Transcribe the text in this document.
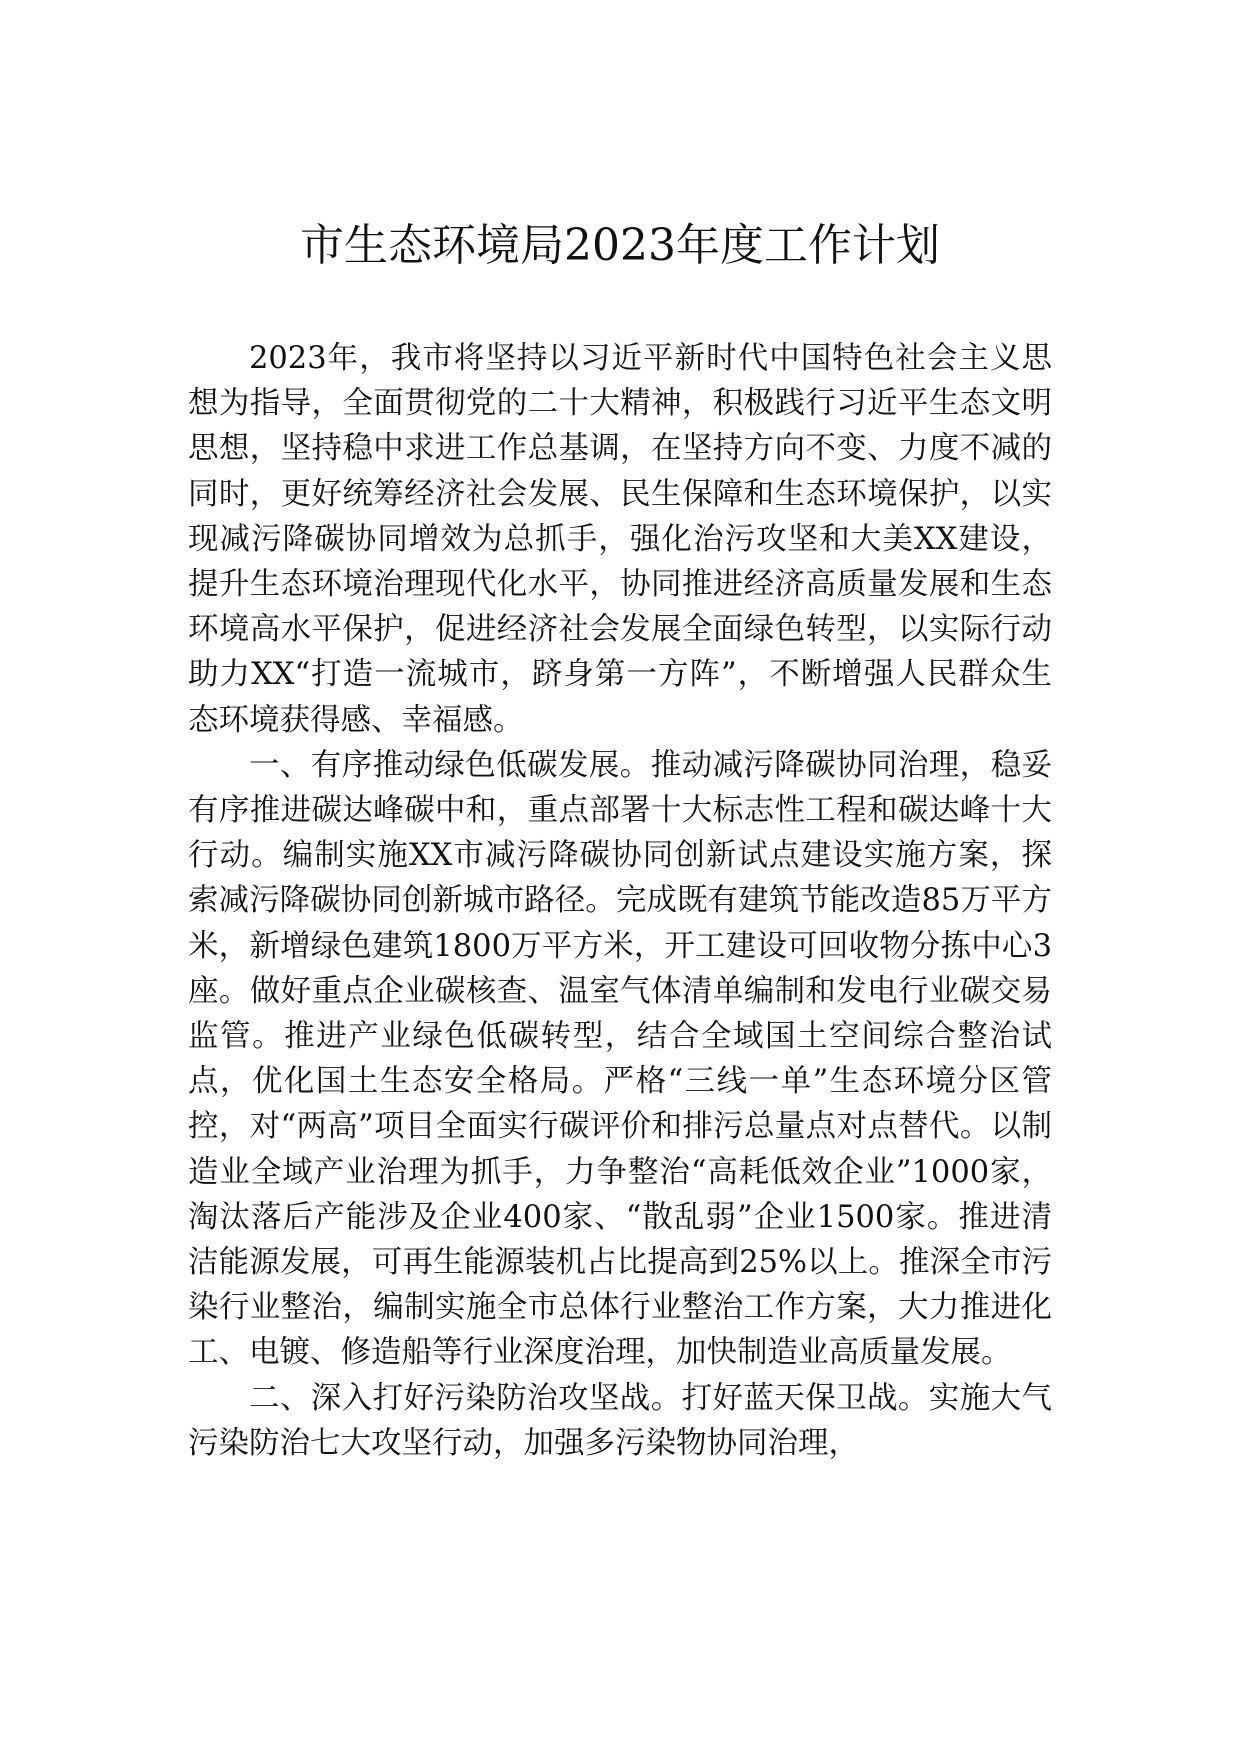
市生态环境局2023年度工作计划

2023年，我市将坚持以习近平新时代中国特色社会主义思想为指导，全面贯彻党的二十大精神，积极践行习近平生态文明思想，坚持稳中求进工作总基调，在坚持方向不变、力度不减的同时，更好统筹经济社会发展、民生保障和生态环境保护，以实现减污降碳协同增效为总抓手，强化治污攻坚和大美XX建设，提升生态环境治理现代化水平，协同推进经济高质量发展和生态环境高水平保护，促进经济社会发展全面绿色转型，以实际行动助力XX“打造一流城市，跻身第一方阵”，不断增强人民群众生态环境获得感、幸福感。

一、有序推动绿色低碳发展。推动减污降碳协同治理，稳妥有序推进碳达峰碳中和，重点部署十大标志性工程和碳达峰十大行动。编制实施XX市减污降碳协同创新试点建设实施方案，探索减污降碳协同创新城市路径。完成既有建筑节能改造85万平方米，新增绿色建筑1800万平方米，开工建设可回收物分拣中心3座。做好重点企业碳核查、温室气体清单编制和发电行业碳交易监管。推进产业绿色低碳转型，结合全域国土空间综合整治试点，优化国土生态安全格局。严格“三线一单”生态环境分区管控，对“两高”项目全面实行碳评价和排污总量点对点替代。以制造业全域产业治理为抓手，力争整治“高耗低效企业”1000家，淘汰落后产能涉及企业400家、“散乱弱”企业1500家。推进清洁能源发展，可再生能源装机占比提高到25%以上。推深全市污染行业整治，编制实施全市总体行业整治工作方案，大力推进化工、电镀、修造船等行业深度治理，加快制造业高质量发展。

二、深入打好污染防治攻坚战。打好蓝天保卫战。实施大气污染防治七大攻坚行动，加强多污染物协同治理，
